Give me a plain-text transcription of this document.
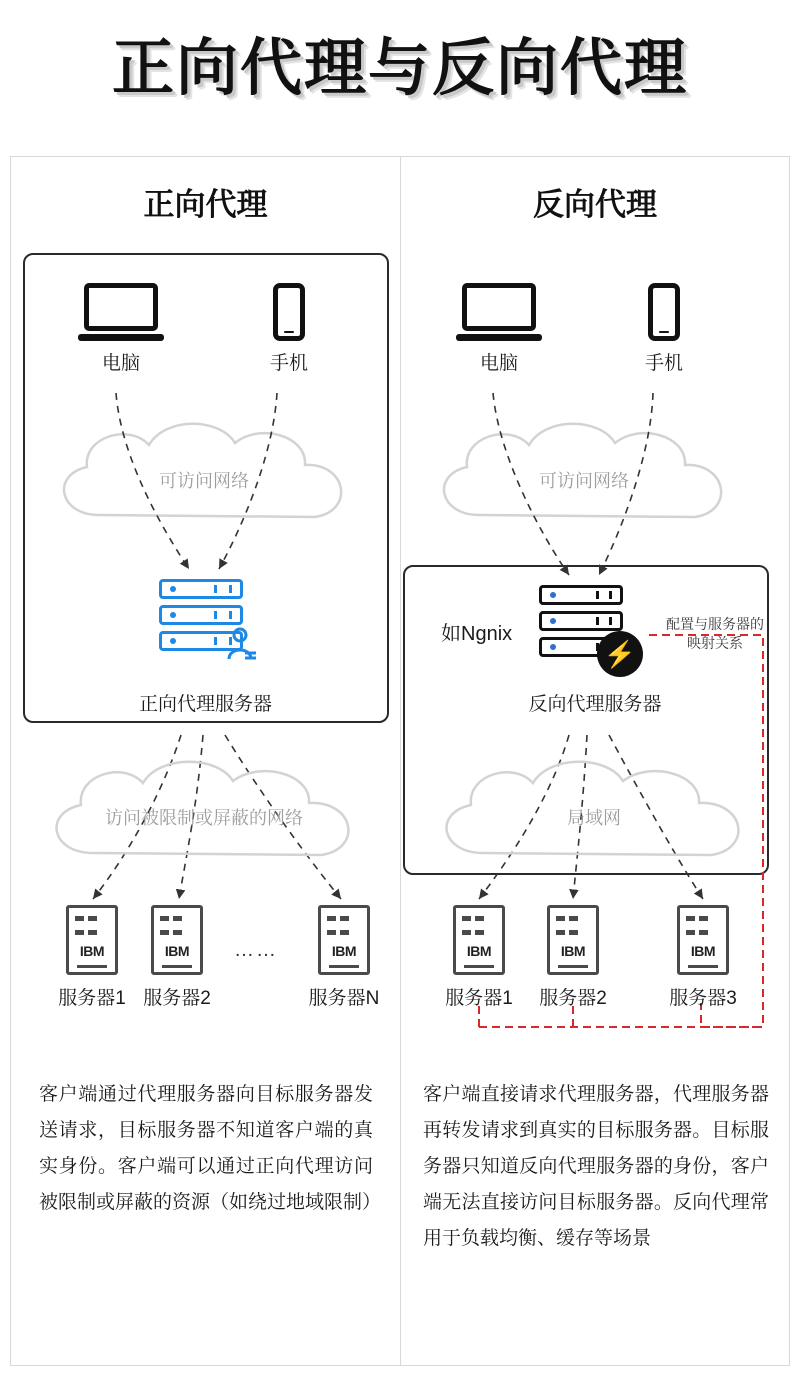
正向代理与反向代理
正向代理
电脑	手机
可访问网络
正向代理服务器
访问被限制或屏蔽的网络
IBM
服务器1
IBM
服务器2
……	IBM
服务器N
客户端通过代理服务器向目标服务器发送请求，目标服务器不知道客户端的真实身份。客户端可以通过正向代理访问被限制或屏蔽的资源（如绕过地域限制）
反向代理
电脑	手机
可访问网络
如Ngnix
⚡
反向代理服务器
配置与服务器的
映射关系
局域网
IBM
服务器1
IBM
服务器2
IBM
服务器3
客户端直接请求代理服务器，代理服务器再转发请求到真实的目标服务器。目标服务器只知道反向代理服务器的身份，客户端无法直接访问目标服务器。反向代理常用于负载均衡、缓存等场景
